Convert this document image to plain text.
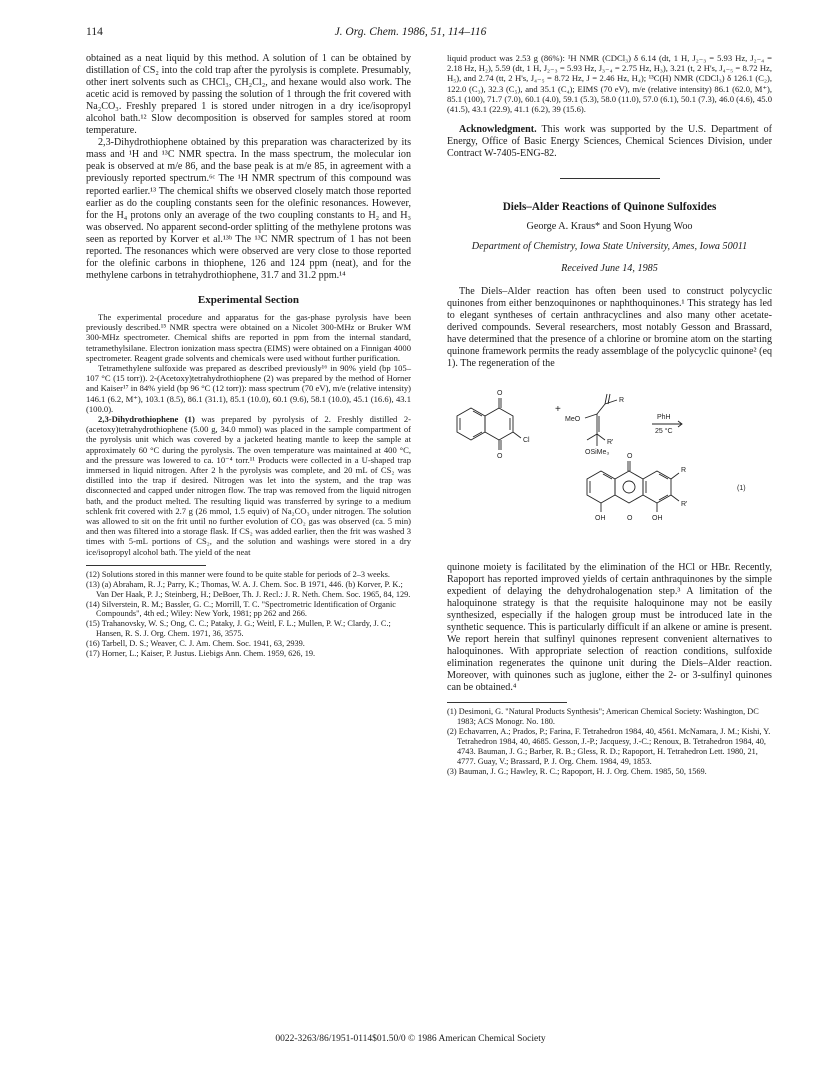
114	J. Org. Chem. 1986, 51, 114–116

obtained as a neat liquid by this method. A solution of 1 can be obtained by distillation of CS₂ into the cold trap after the pyrolysis is complete. Presumably, other inert solvents such as CHCl₃, CH₂Cl₂, and hexane would also work. The acetic acid is removed by passing the solution of 1 through the frit covered with Na₂CO₃. Freshly prepared 1 is stored under nitrogen in a dry ice/isopropyl alcohol bath.¹² Slow decomposition is observed for samples stored at room temperature.

2,3-Dihydrothiophene obtained by this preparation was characterized by its mass and ¹H and ¹³C NMR spectra. In the mass spectrum, the molecular ion peak is observed at m/e 86, and the base peak is at m/e 85, in agreement with a previously reported spectrum.⁶ᶜ The ¹H NMR spectrum of this compound was reported earlier.¹³ The chemical shifts we observed closely match those reported earlier as do the coupling constants seen for the olefinic resonances. However, for the H₄ protons only an average of the two coupling constants to H₂ and H₃ was observed. No apparent second-order splitting of the methylene protons was seen as reported by Korver et al.¹³ᵇ The ¹³C NMR spectrum of 1 has not been reported. The resonances which were observed are very close to those reported for the olefinic carbons in thiophene, 126 and 124 ppm (neat), and for the methylene carbons in tetrahydrothiophene, 31.7 and 31.2 ppm.¹⁴

Experimental Section

The experimental procedure and apparatus for the gas-phase pyrolysis have been previously described.¹⁵ NMR spectra were obtained on a Nicolet 300-MHz or Bruker WM 300-MHz spectrometer. Chemical shifts are reported in ppm from the internal standard, tetramethylsilane. Electron ionization mass spectra (EIMS) were obtained on a Finnigan 4000 spectrometer. Reagent grade solvents and chemicals were used without further purification.

Tetramethylene sulfoxide was prepared as described previously¹⁶ in 90% yield (bp 105–107 °C (15 torr)). 2-(Acetoxy)tetrahydrothiophene (2) was prepared by the method of Horner and Kaiser¹⁷ in 84% yield (bp 96 °C (12 torr)): mass spectrum (70 eV), m/e (relative intensity) 146.1 (6.2, M⁺), 103.1 (8.5), 86.1 (31.1), 85.1 (10.0), 60.1 (9.6), 58.1 (10.0), 45.1 (16.6), 43.1 (100.0).

2,3-Dihydrothiophene (1) was prepared by pyrolysis of 2. Freshly distilled 2-(acetoxy)tetrahydrothiophene (5.00 g, 34.0 mmol) was placed in the sample compartment of the pyrolysis unit which was covered by a jacketed heating mantle to keep the sample at approximately 60 °C during the pyrolysis. The oven temperature was maintained at 400 °C, and the pressure was lowered to ca. 10⁻⁴ torr.¹¹ Products were collected in a U-shaped trap immersed in liquid nitrogen. After 2 h the pyrolysis was complete, and 20 mL of CS₂ was distilled into the trap if desired. Nitrogen was let into the system, and the trap was disconnected and capped under nitrogen flow. The trap was removed from the liquid nitrogen bath, and the product melted. The resulting liquid was transferred by syringe to a medium schlenk frit covered with 2.7 g (26 mmol, 1.5 equiv) of Na₂CO₃ under nitrogen. The solution was allowed to sit on the frit until no further evolution of CO₂ gas was observed (ca. 5 min) and then was filtered into a storage flask. If CS₂ was added earlier, then the frit was washed 3 times with 5-mL portions of CS₂, and the solution and washings were stored in a dry ice/isopropyl alcohol bath. The yield of the neat

(12) Solutions stored in this manner were found to be quite stable for periods of 2–3 weeks.

(13) (a) Abraham, R. J.; Parry, K.; Thomas, W. A. J. Chem. Soc. B 1971, 446. (b) Korver, P. K.; Van Der Haak, P. J.; Steinberg, H.; DeBoer, Th. J. Recl.: J. R. Neth. Chem. Soc. 1965, 84, 129.

(14) Silverstein, R. M.; Bassler, G. C.; Morrill, T. C. "Spectrometric Identification of Organic Compounds", 4th ed.; Wiley: New York, 1981; pp 262 and 266.

(15) Trahanovsky, W. S.; Ong, C. C.; Pataky, J. G.; Weitl, F. L.; Mullen, P. W.; Clardy, J. C.; Hansen, R. S. J. Org. Chem. 1971, 36, 3575.

(16) Tarbell, D. S.; Weaver, C. J. Am. Chem. Soc. 1941, 63, 2939.

(17) Horner, L.; Kaiser, P. Justus. Liebigs Ann. Chem. 1959, 626, 19.

liquid product was 2.53 g (86%): ¹H NMR (CDCl₃) δ 6.14 (dt, 1 H, J₂₋₃ = 5.93 Hz, J₂₋₄ = 2.18 Hz, H₂), 5.59 (dt, 1 H, J₂₋₃ = 5.93 Hz, J₃₋₄ = 2.75 Hz, H₃), 3.21 (t, 2 H's, J₄₋₅ = 8.72 Hz, H₅), and 2.74 (tt, 2 H's, J₄₋₅ = 8.72 Hz, J = 2.46 Hz, H₄); ¹³C(H) NMR (CDCl₃) δ 126.1 (C₂), 122.0 (C₃), 32.3 (C₅), and 35.1 (C₄); EIMS (70 eV), m/e (relative intensity) 86.1 (62.0, M⁺), 85.1 (100), 71.7 (7.0), 60.1 (4.0), 59.1 (5.3), 58.0 (11.0), 57.0 (6.1), 50.1 (7.3), 46.0 (4.6), 45.0 (41.5), 43.1 (22.9), 41.1 (6.2), 39 (15.6).

Acknowledgment. This work was supported by the U.S. Department of Energy, Office of Basic Energy Sciences, Chemical Sciences Division, under Contract W-7405-ENG-82.

Diels–Alder Reactions of Quinone Sulfoxides
George A. Kraus* and Soon Hyung Woo
Department of Chemistry, Iowa State University, Ames, Iowa 50011
Received June 14, 1985

The Diels–Alder reaction has often been used to construct polycyclic quinones from either benzoquinones or naphthoquinones.¹ This strategy has led to elegant syntheses of certain anthracyclines and also many other acetate-derived compounds. Several researchers, most notably Gesson and Brassard, have determined that the presence of a chlorine or bromine atom on the starting quinone framework permits the ready assemblage of the polycyclic quinone² (eq 1). The regeneration of the

O
O
Cl
+
MeO
R
R'
OSiMe₃
PhH
25 °C
(1)
OH	O	OH
O
R
R'

quinone moiety is facilitated by the elimination of the HCl or HBr. Recently, Rapoport has reported improved yields of certain anthraquinones by the simple expedient of delaying the dehydrohalogenation step.³ A limitation of the haloquinone strategy is that the requisite haloquinone may not be easily synthesized, especially if the halogen group must be introduced late in the synthetic sequence. This is particularly difficult if an alkene or amine is present. We report herein that sulfinyl quinones represent convenient alternatives to haloquinones. With appropriate selection of reaction conditions, sulfoxide elimination regenerates the quinone unit during the Diels–Alder reaction. Moreover, with quinones such as juglone, either the 2- or 3-sulfinyl quinones can be obtained.⁴

(1) Desimoni, G. "Natural Products Synthesis"; American Chemical Society: Washington, DC 1983; ACS Monogr. No. 180.

(2) Echavarren, A.; Prados, P.; Farina, F. Tetrahedron 1984, 40, 4561. McNamara, J. M.; Kishi, Y. Tetrahedron 1984, 40, 4685. Gesson, J.-P.; Jacquesy, J.-C.; Renoux, B. Tetrahedron 1984, 40, 4743. Bauman, J. G.; Barber, R. B.; Gless, R. D.; Rapoport, H. Tetrahedron Lett. 1980, 21, 4777. Guay, V.; Brassard, P. J. Org. Chem. 1984, 49, 1853.

(3) Bauman, J. G.; Hawley, R. C.; Rapoport, H. J. Org. Chem. 1985, 50, 1569.

0022-3263/86/1951-0114$01.50/0 © 1986 American Chemical Society
